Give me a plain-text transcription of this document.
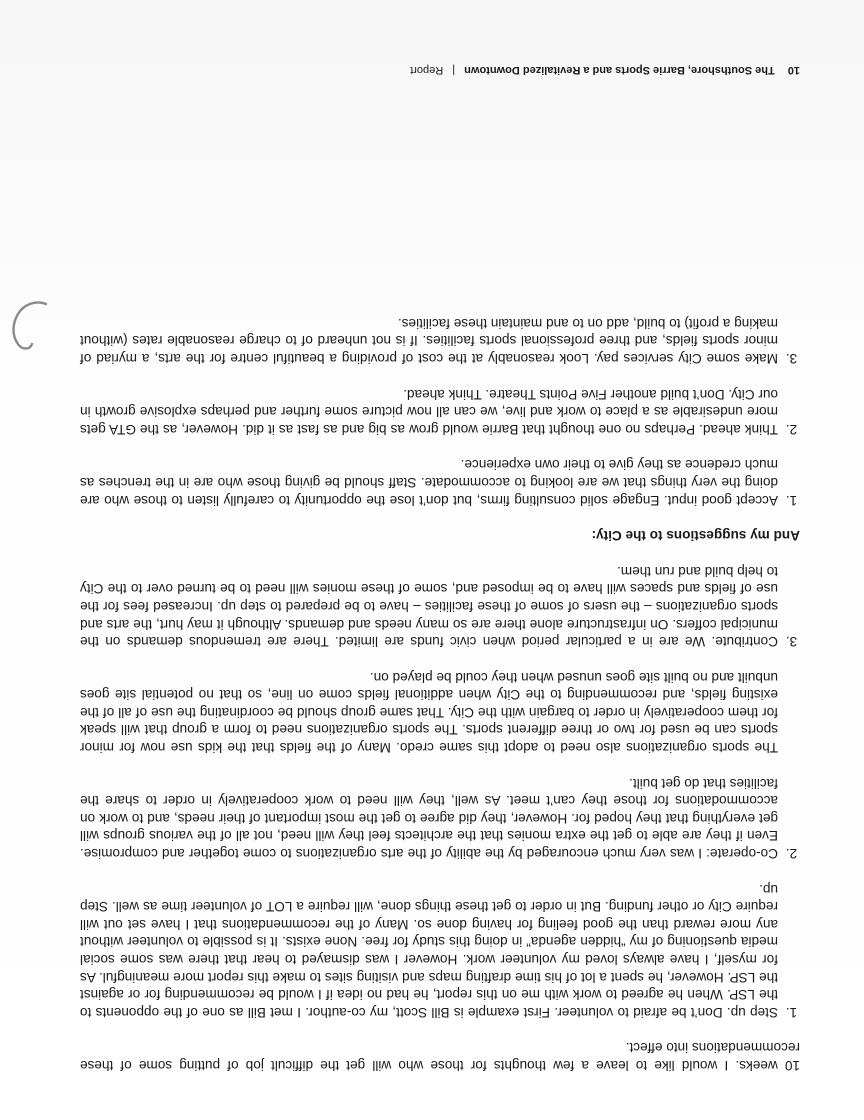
10 weeks. I would like to leave a few thoughts for those who will get the difficult job of putting some of these recommendations into effect.

1. Step up. Don’t be afraid to volunteer. First example is Bill Scott, my co-author. I met Bill as one of the opponents to the LSP. When he agreed to work with me on this report, he had no idea if I would be recommending for or against the LSP. However, he spent a lot of his time drafting maps and visiting sites to make this report more meaningful. As for myself, I have always loved my volunteer work. However I was dismayed to hear that there was some social media questioning of my “hidden agenda” in doing this study for free. None exists. It is possible to volunteer without any more reward than the good feeling for having done so. Many of the recommendations that I have set out will require City or other funding. But in order to get these things done, will require a LOT of volunteer time as well. Step up.

2. Co-operate: I was very much encouraged by the ability of the arts organizations to come together and compromise. Even if they are able to get the extra monies that the architects feel they will need, not all of the various groups will get everything that they hoped for. However, they did agree to get the most important of their needs, and to work on accommodations for those they can’t meet. As well, they will need to work cooperatively in order to share the facilities that do get built.

The sports organizations also need to adopt this same credo. Many of the fields that the kids use now for minor sports can be used for two or three different sports. The sports organizations need to form a group that will speak for them cooperatively in order to bargain with the City. That same group should be coordinating the use of all of the existing fields, and recommending to the City when additional fields come on line, so that no potential site goes unbuilt and no built site goes unused when they could be played on.

3. Contribute. We are in a particular period when civic funds are limited. There are tremendous demands on the municipal coffers. On infrastructure alone there are so many needs and demands. Although it may hurt, the arts and sports organizations – the users of some of these facilities – have to be prepared to step up. Increased fees for the use of fields and spaces will have to be imposed and, some of these monies will need to be turned over to the City to help build and run them.
And my suggestions to the City:
1. Accept good input. Engage solid consulting firms, but don’t lose the opportunity to carefully listen to those who are doing the very things that we are looking to accommodate. Staff should be giving those who are in the trenches as much credence as they give to their own experience.
2. Think ahead. Perhaps no one thought that Barrie would grow as big and as fast as it did. However, as the GTA gets more undesirable as a place to work and live, we can all now picture some further and perhaps explosive growth in our City. Don’t build another Five Points Theatre. Think ahead.
3. Make some City services pay. Look reasonably at the cost of providing a beautiful centre for the arts, a myriad of minor sports fields, and three professional sports facilities. If is not unheard of to charge reasonable rates (without making a profit) to build, add on to and maintain these facilities.
10 The Southshore, Barrie Sports and a Revitalized Downtown | Report
